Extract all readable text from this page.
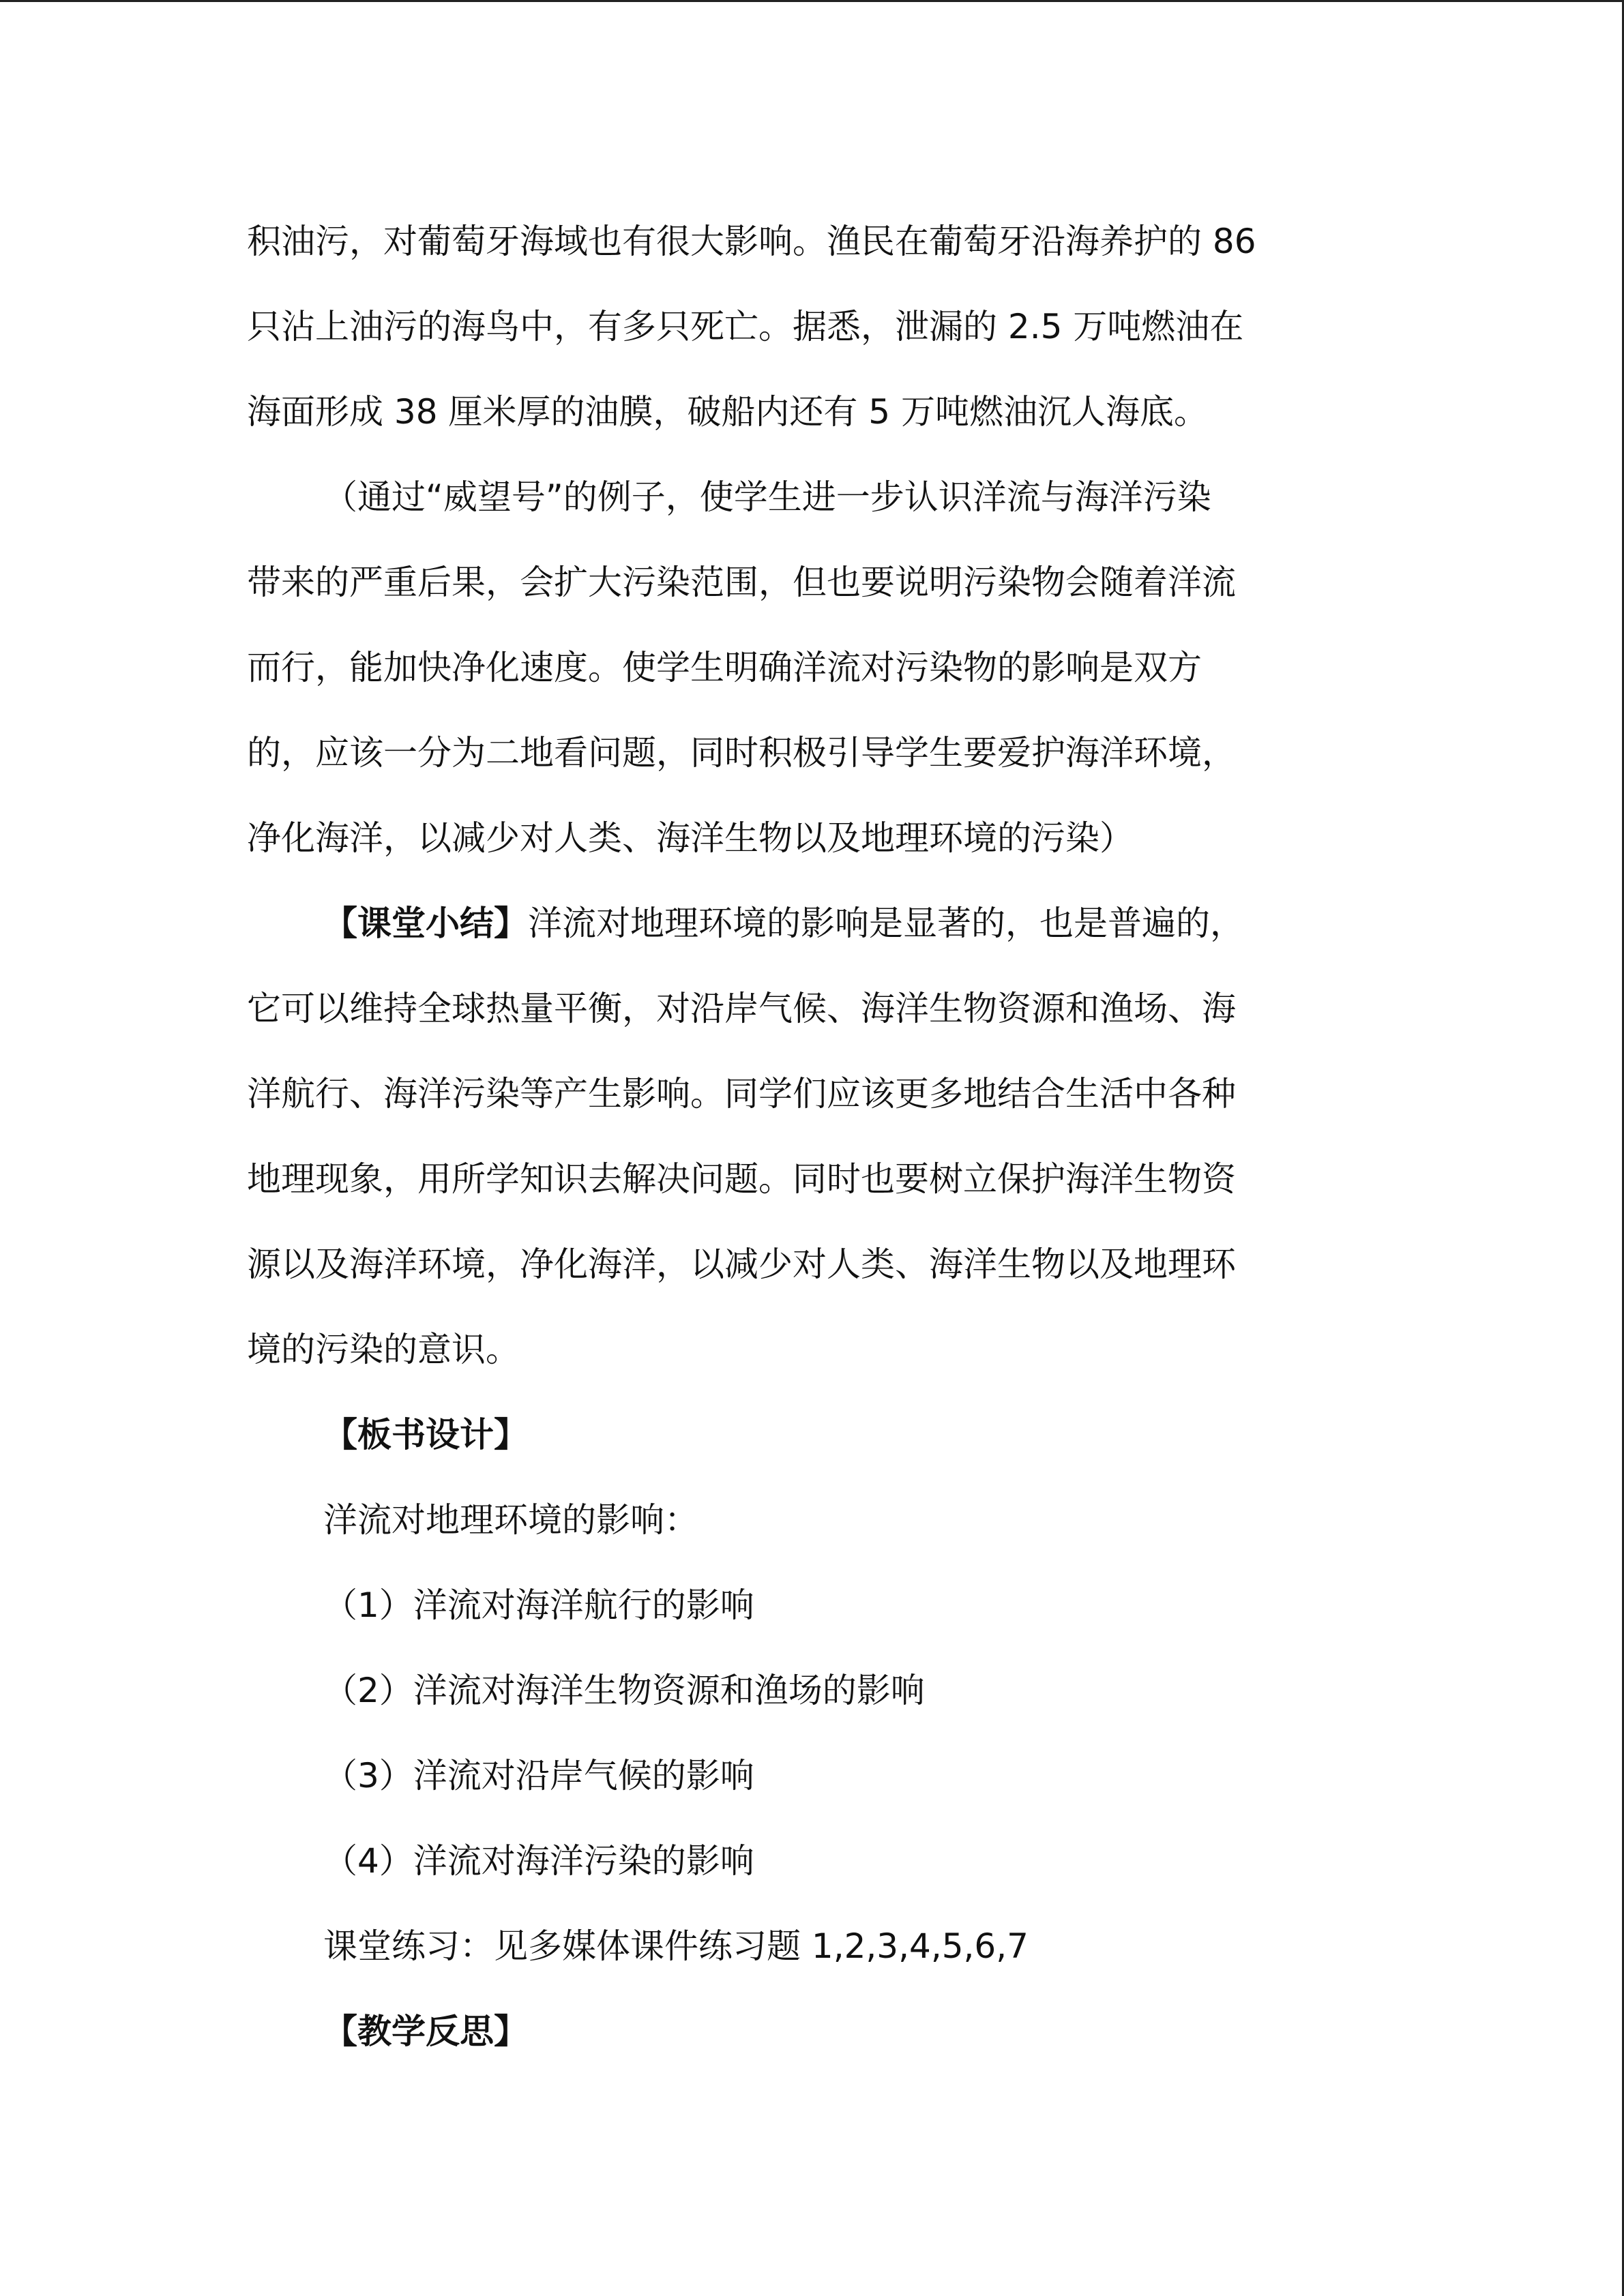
积油污，对葡萄牙海域也有很大影响。渔民在葡萄牙沿海养护的 86
只沾上油污的海鸟中，有多只死亡。据悉，泄漏的 2.5 万吨燃油在
海面形成 38 厘米厚的油膜，破船内还有 5 万吨燃油沉人海底。
（通过“威望号”的例子，使学生进一步认识洋流与海洋污染
带来的严重后果，会扩大污染范围，但也要说明污染物会随着洋流
而行，能加快净化速度。使学生明确洋流对污染物的影响是双方
的，应该一分为二地看问题，同时积极引导学生要爱护海洋环境，
净化海洋，以减少对人类、海洋生物以及地理环境的污染）
【课堂小结】洋流对地理环境的影响是显著的，也是普遍的，
它可以维持全球热量平衡，对沿岸气候、海洋生物资源和渔场、海
洋航行、海洋污染等产生影响。同学们应该更多地结合生活中各种
地理现象，用所学知识去解决问题。同时也要树立保护海洋生物资
源以及海洋环境，净化海洋，以减少对人类、海洋生物以及地理环
境的污染的意识。
【板书设计】
洋流对地理环境的影响：
（1）洋流对海洋航行的影响
（2）洋流对海洋生物资源和渔场的影响
（3）洋流对沿岸气候的影响
（4）洋流对海洋污染的影响
课堂练习：见多媒体课件练习题 1,2,3,4,5,6,7
【教学反思】
